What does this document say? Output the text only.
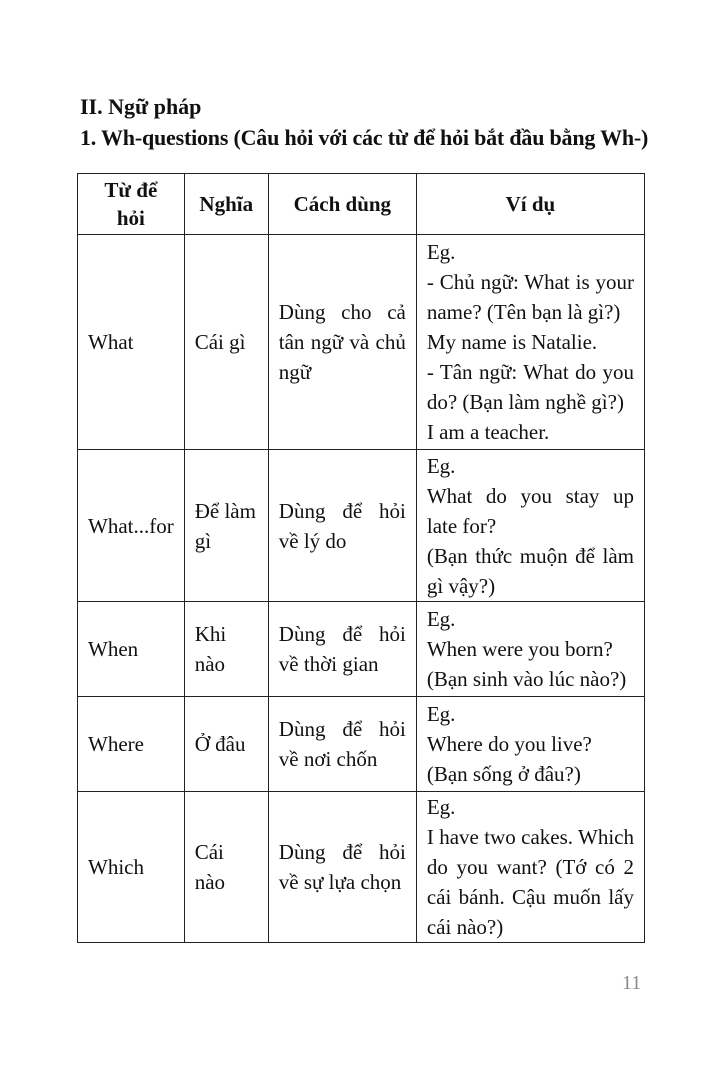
II. Ngữ pháp
1. Wh-questions (Câu hỏi với các từ để hỏi bắt đầu bằng Wh-)
Từ để hỏi	Nghĩa	Cách dùng	Ví dụ
What	Cái gì	Dùng cho cả tân ngữ và chủ ngữ	Eg.
- Chủ ngữ: What is your name? (Tên bạn là gì?)
My name is Natalie.
- Tân ngữ: What do you do? (Bạn làm nghề gì?)
I am a teacher.

What...for	Để làm gì	Dùng để hỏi về lý do	Eg.
What do you stay up late for?
(Bạn thức muộn để làm gì vậy?)

When	Khi nào	Dùng để hỏi về thời gian	Eg.
When were you born?
(Bạn sinh vào lúc nào?)

Where	Ở đâu	Dùng để hỏi về nơi chốn	Eg.
Where do you live?
(Bạn sống ở đâu?)

Which	Cái nào	Dùng để hỏi về sự lựa chọn	Eg.
I have two cakes. Which do you want? (Tớ có 2 cái bánh. Cậu muốn lấy cái nào?)
11
